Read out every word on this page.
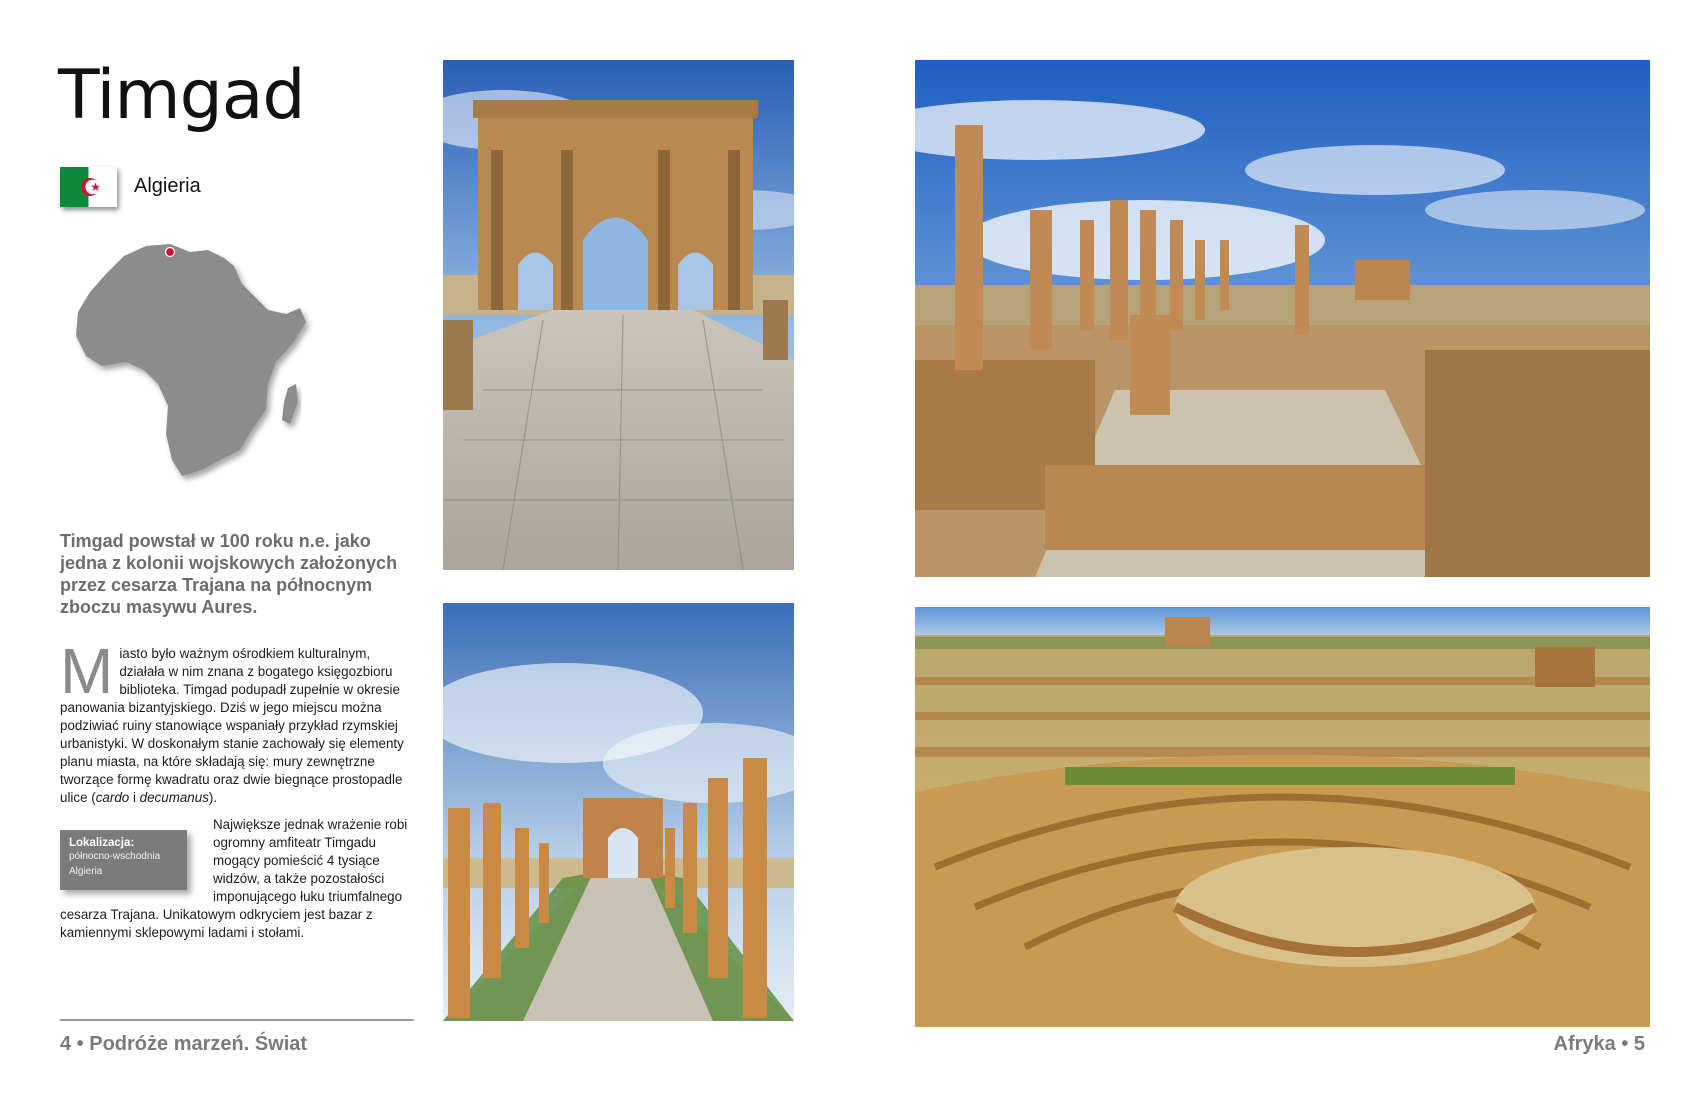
Timgad
Algieria

Timgad powstał w 100 roku n.e. jako jedna z kolonii wojskowych założonych przez cesarza Trajana na północnym zboczu masywu Aures.

Miasto było ważnym ośrodkiem kulturalnym, działała w nim znana z bogatego księgozbioru biblioteka. Timgad podupadł zupełnie w okresie panowania bizantyjskiego. Dziś w jego miejscu można podziwiać ruiny stanowiące wspaniały przykład rzymskiej urbanistyki. W doskonałym stanie zachowały się elementy planu miasta, na które składają się: mury zewnętrzne tworzące formę kwadratu oraz dwie biegnące prostopadle ulice (cardo i decumanus).
Największe jednak wrażenie robi ogromny amfiteatr Timgadu mogący pomieścić 4 tysiące widzów, a także pozostałości imponującego łuku triumfalnego cesarza Trajana. Unikatowym odkryciem jest bazar z kamiennymi sklepowymi ladami i stołami.
Lokalizacja:
północno-wschodnia Algieria
4 • Podróże marzeń. Świat	Afryka • 5
